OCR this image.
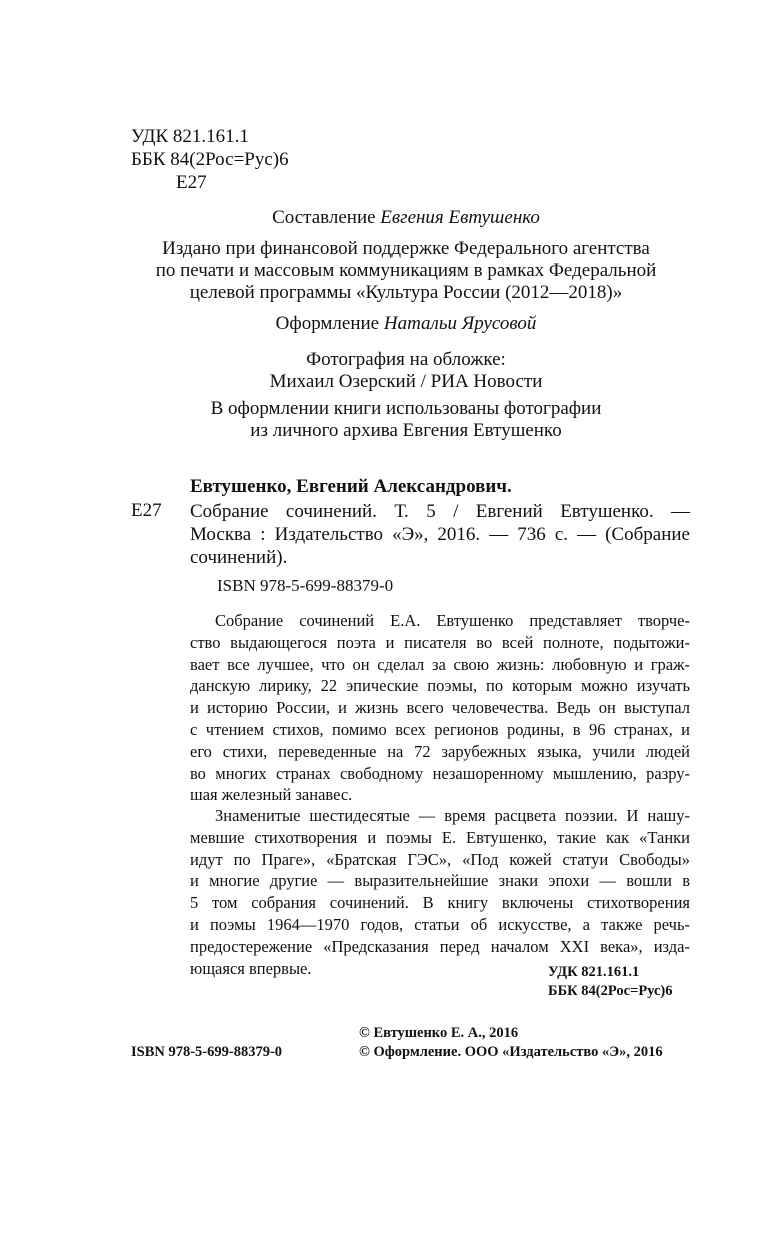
УДК 821.161.1
ББК 84(2Рос=Рус)6
Е27
Составление Евгения Евтушенко
Издано при финансовой поддержке Федерального агентства
по печати и массовым коммуникациям в рамках Федеральной
целевой программы «Культура России (2012—2018)»
Оформление Натальи Ярусовой
Фотография на обложке:
Михаил Озерский / РИА Новости
В оформлении книги использованы фотографии
из личного архива Евгения Евтушенко
Евтушенко, Евгений Александрович.
Е27 Собрание сочинений. Т. 5 / Евгений Евтушенко. —
Москва : Издательство «Э», 2016. — 736 с. — (Собрание
сочинений).
ISBN 978-5-699-88379-0
Собрание сочинений Е.А. Евтушенко представляет творче-
ство выдающегося поэта и писателя во всей полноте, подытожи-
вает все лучшее, что он сделал за свою жизнь: любовную и граж-
данскую лирику, 22 эпические поэмы, по которым можно изучать
и историю России, и жизнь всего человечества. Ведь он выступал
с чтением стихов, помимо всех регионов родины, в 96 странах, и
его стихи, переведенные на 72 зарубежных языка, учили людей
во многих странах свободному незашоренному мышлению, разру-
шая железный занавес.
Знаменитые шестидесятые — время расцвета поэзии. И нашу-
мевшие стихотворения и поэмы Е. Евтушенко, такие как «Танки
идут по Праге», «Братская ГЭС», «Под кожей статуи Свободы»
и многие другие — выразительнейшие знаки эпохи — вошли в
5 том собрания сочинений. В книгу включены стихотворения
и поэмы 1964—1970 годов, статьи об искусстве, а также речь-
предостережение «Предсказания перед началом XXI века», изда-
ющаяся впервые.	УДК 821.161.1
ББК 84(2Рос=Рус)6
ISBN 978-5-699-88379-0
© Евтушенко Е. А., 2016
© Оформление. ООО «Издательство «Э», 2016
